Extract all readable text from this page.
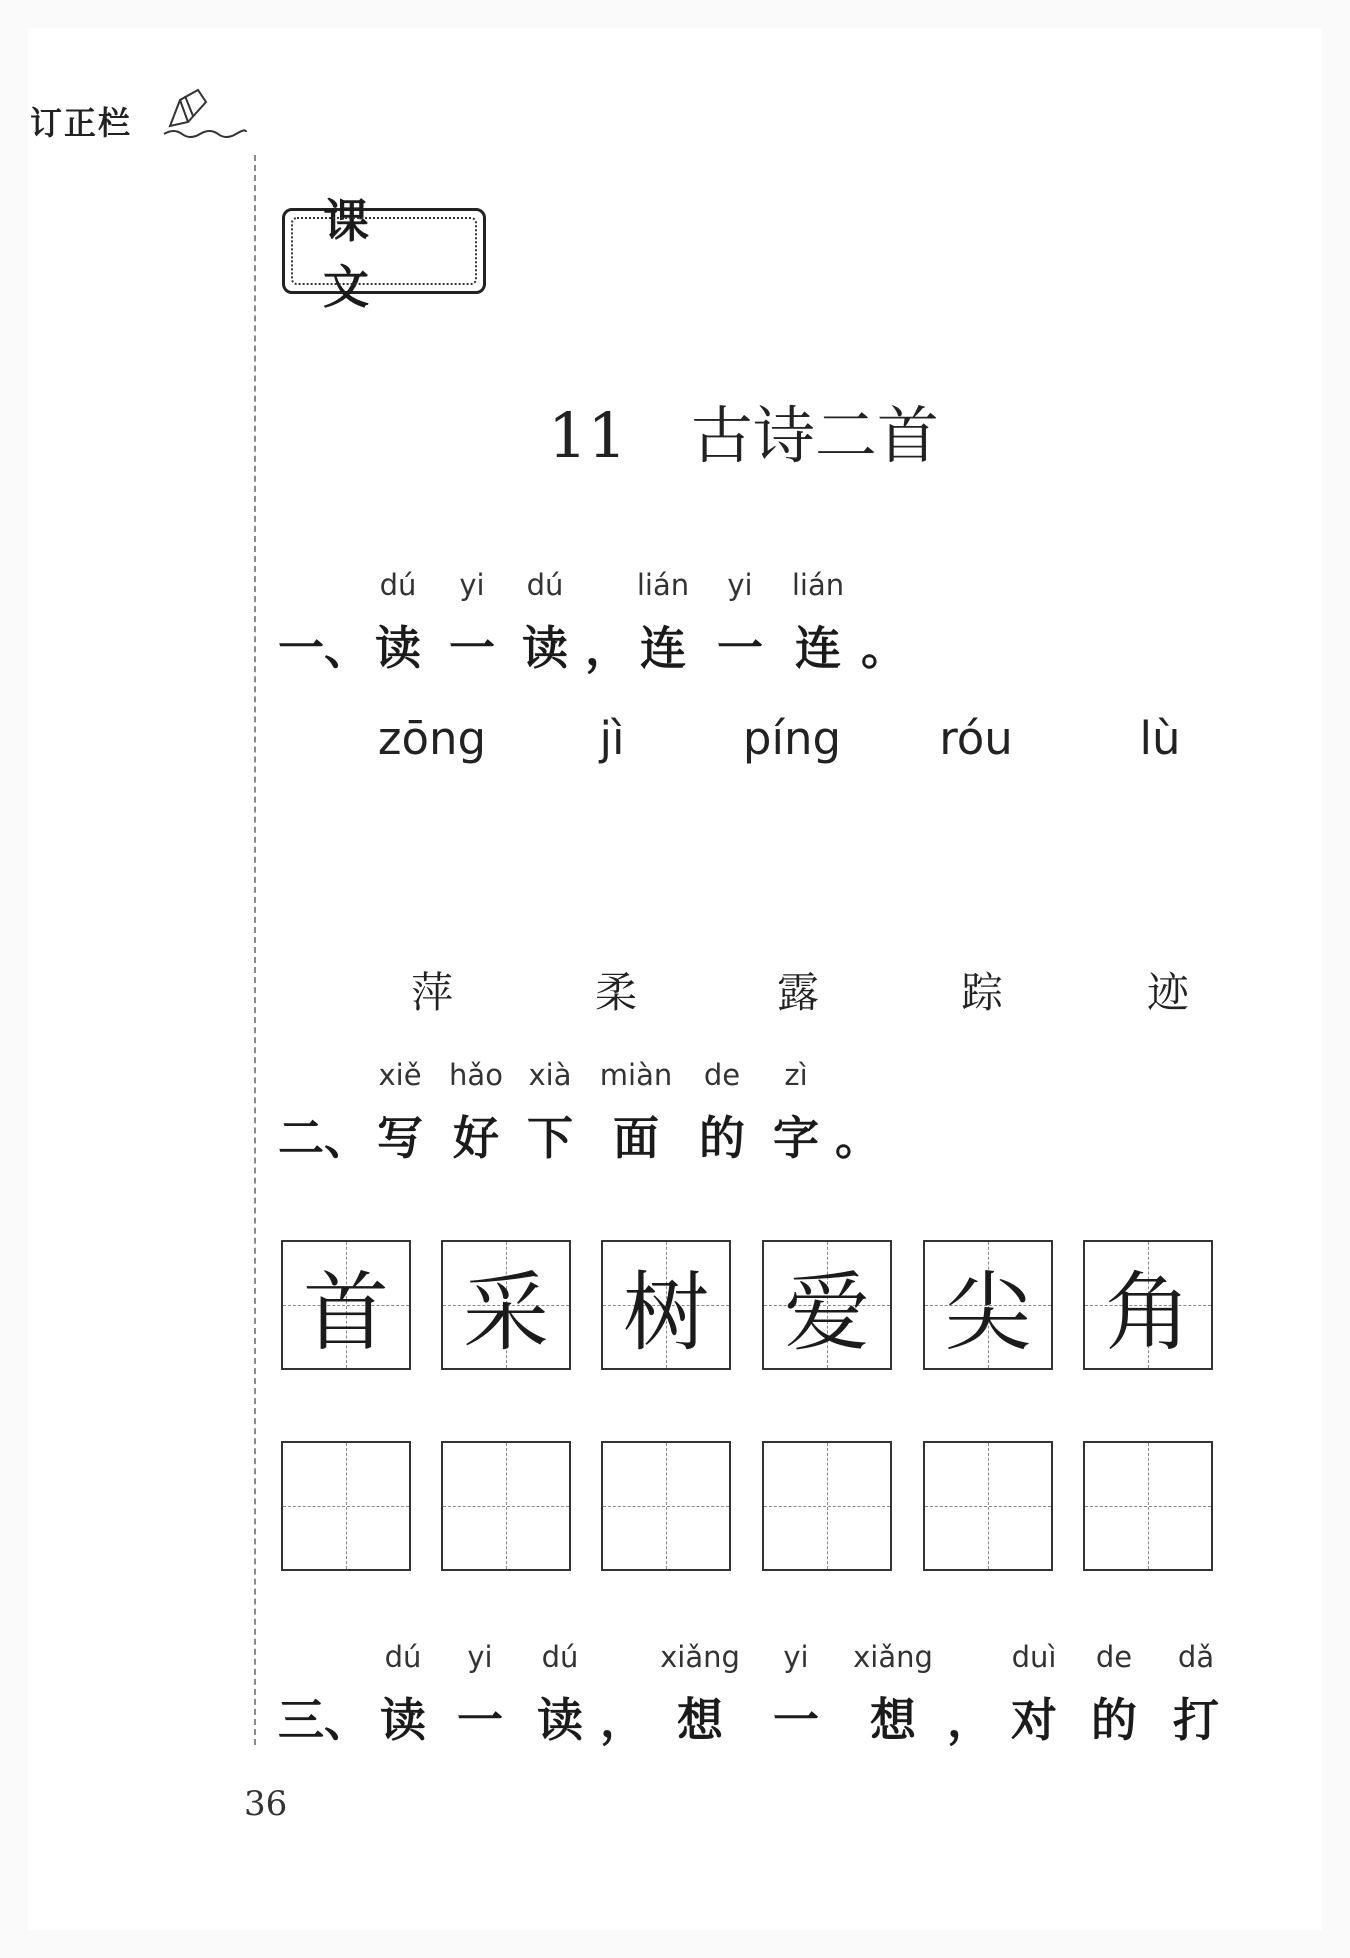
订正栏
课文
11 古诗二首
一、
dú
读
yi
一
dú
读 ，
lián
连
yi
一
lián
连 。
zōng	jì	píng	róu	lù
萍	柔	露	踪	迹
二、
xiě
写
hǎo
好
xià
下
miàn
面
de
的
zì
字 。
首 采 树 爱 尖 角
三、
dú
读
yi
一
dú
读 ，
xiǎng
想
yi
一
xiǎng
想 ，
duì
对
de
的
dǎ
打
36
